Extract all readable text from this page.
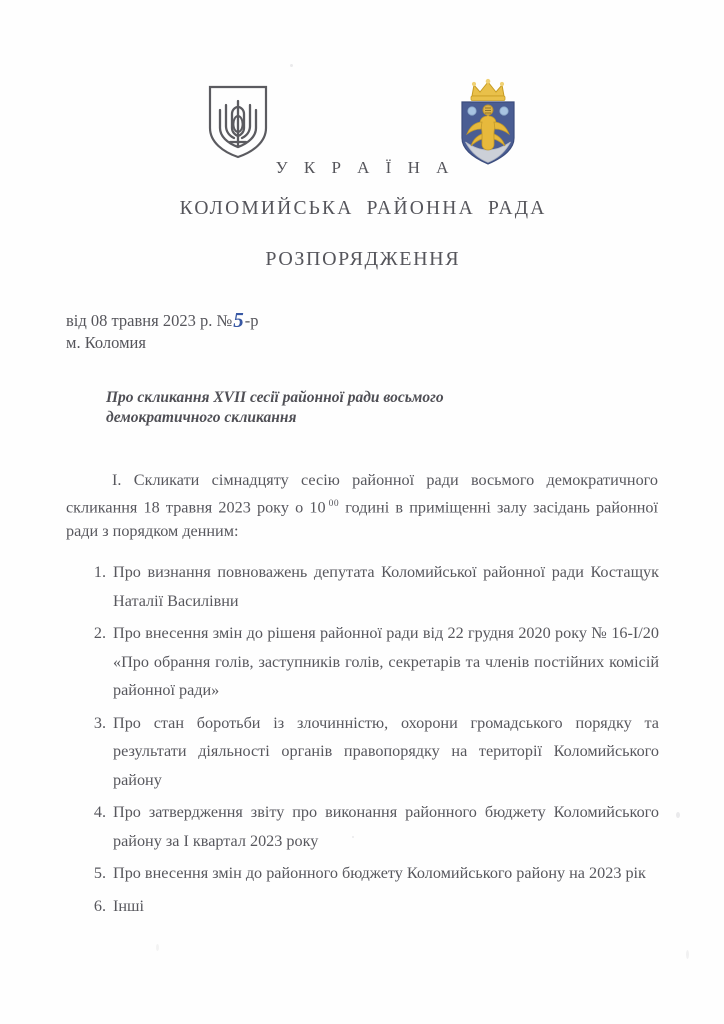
У К Р А Ї Н А
КОЛОМИЙСЬКА РАЙОННА РАДА
РОЗПОРЯДЖЕННЯ
від 08 травня 2023 р. №5-р
м. Коломия
Про скликання XVII сесії районної ради восьмого демократичного скликання
I. Скликати сімнадцяту сесію районної ради восьмого демократичного скликання 18 травня 2023 року о 10 $^{00}$ годині в приміщенні залу засідань районної ради з порядком денним:
1. Про визнання повноважень депутата Коломийської районної ради Костащук Наталії Василівни
2. Про внесення змін до рішеня районної ради від 22 грудня 2020 року № 16-I/20 «Про обрання голів, заступників голів, секретарів та членів постійних комісій районної ради»
3. Про стан боротьби із злочинністю, охорони громадського порядку та результати діяльності органів правопорядку на території Коломийського району
4. Про затвердження звіту про виконання районного бюджету Коломийського району за I квартал 2023 року
5. Про внесення змін до районного бюджету Коломийського району на 2023 рік
6. Інші
